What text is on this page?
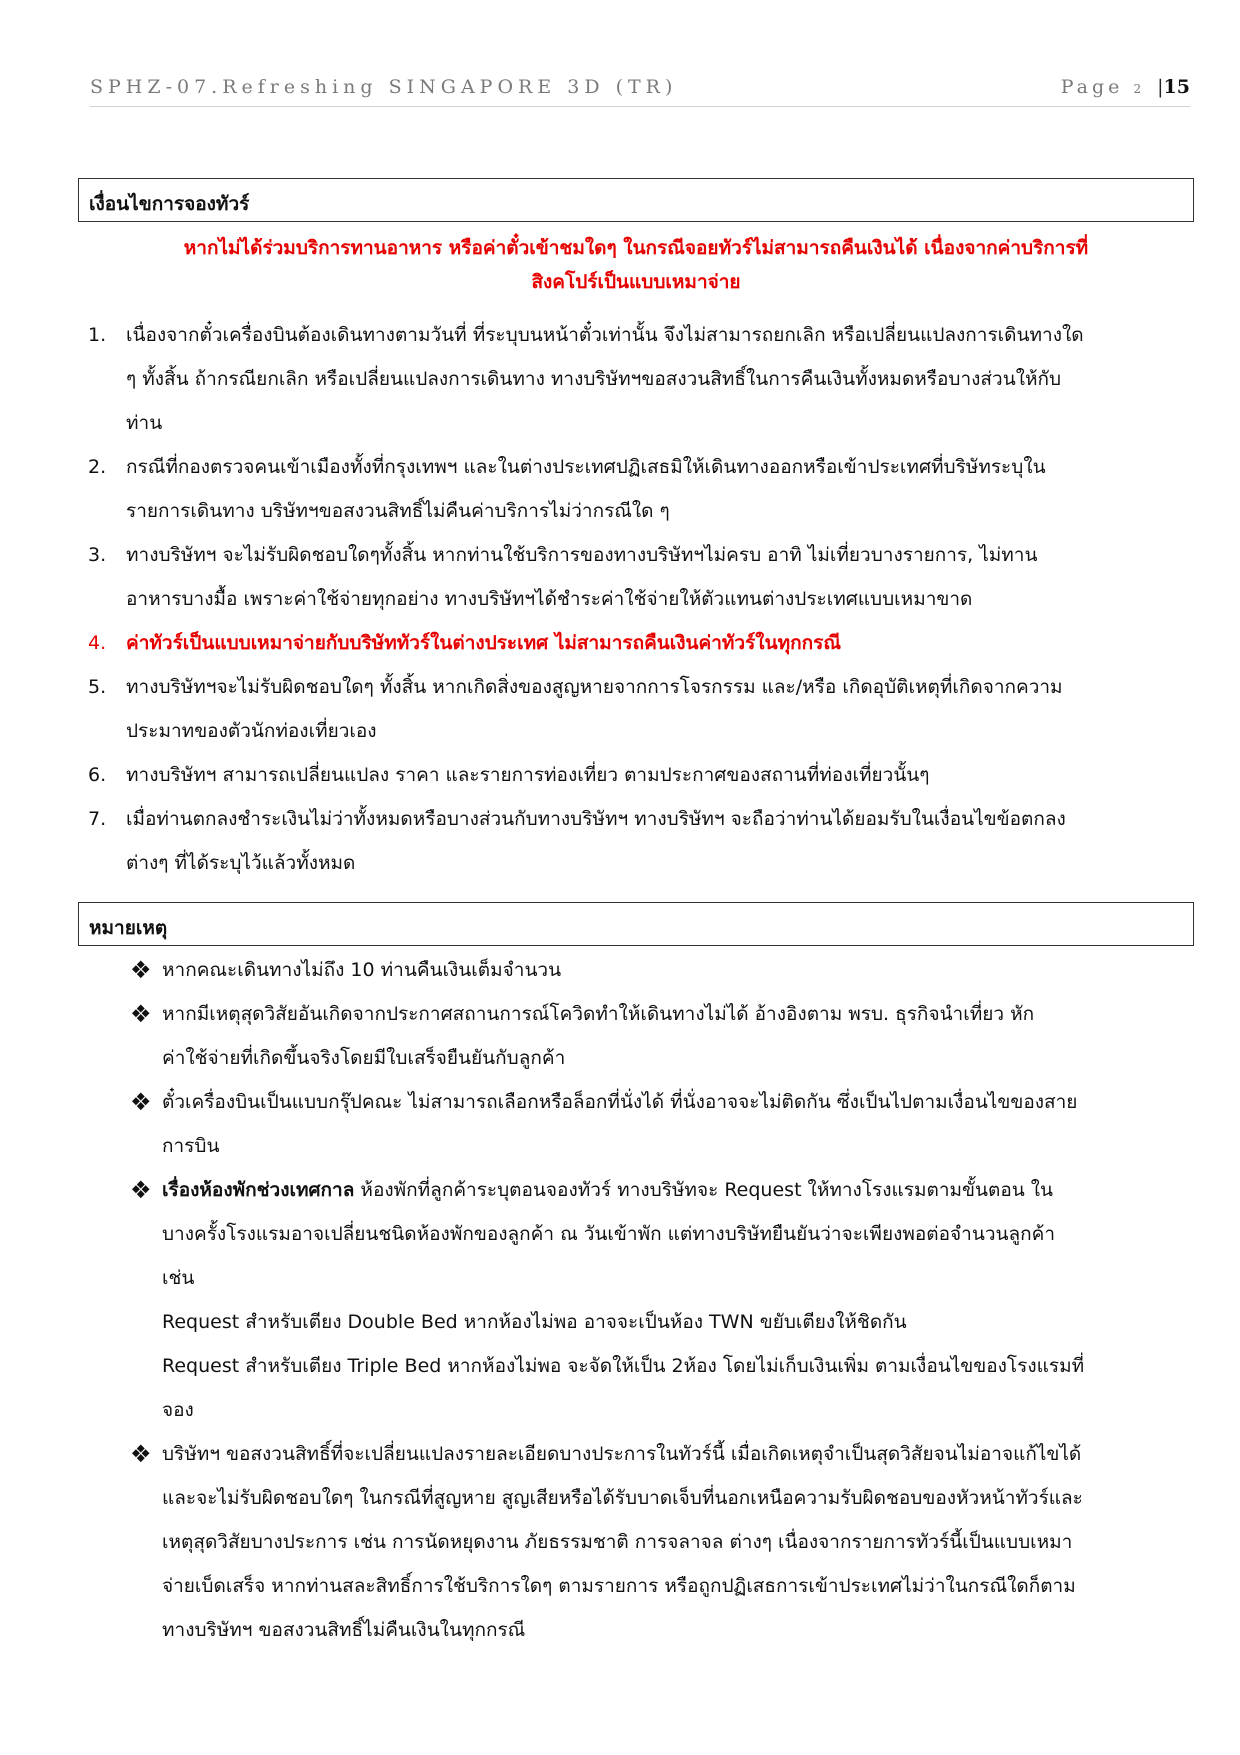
SPHZ-07.Refreshing SINGAPORE 3D (TR)	Page 2 |15
เงื่อนไขการจองทัวร์
หากไม่ได้ร่วมบริการทานอาหาร หรือค่าตั๋วเข้าชมใดๆ ในกรณีจอยทัวร์ไม่สามารถคืนเงินได้ เนื่องจากค่าบริการที่
สิงคโปร์เป็นแบบเหมาจ่าย
1. เนื่องจากตั๋วเครื่องบินต้องเดินทางตามวันที่ ที่ระบุบนหน้าตั๋วเท่านั้น จึงไม่สามารถยกเลิก หรือเปลี่ยนแปลงการเดินทางใด
ๆ ทั้งสิ้น ถ้ากรณียกเลิก หรือเปลี่ยนแปลงการเดินทาง ทางบริษัทฯขอสงวนสิทธิ์ในการคืนเงินทั้งหมดหรือบางส่วนให้กับ
ท่าน
2. กรณีที่กองตรวจคนเข้าเมืองทั้งที่กรุงเทพฯ และในต่างประเทศปฏิเสธมิให้เดินทางออกหรือเข้าประเทศที่บริษัทระบุใน
รายการเดินทาง บริษัทฯขอสงวนสิทธิ์ไม่คืนค่าบริการไม่ว่ากรณีใด ๆ
3. ทางบริษัทฯ จะไม่รับผิดชอบใดๆทั้งสิ้น หากท่านใช้บริการของทางบริษัทฯไม่ครบ อาทิ ไม่เที่ยวบางรายการ, ไม่ทาน
อาหารบางมื้อ เพราะค่าใช้จ่ายทุกอย่าง ทางบริษัทฯได้ชำระค่าใช้จ่ายให้ตัวแทนต่างประเทศแบบเหมาขาด
4. ค่าทัวร์เป็นแบบเหมาจ่ายกับบริษัททัวร์ในต่างประเทศ ไม่สามารถคืนเงินค่าทัวร์ในทุกกรณี
5. ทางบริษัทฯจะไม่รับผิดชอบใดๆ ทั้งสิ้น หากเกิดสิ่งของสูญหายจากการโจรกรรม และ/หรือ เกิดอุบัติเหตุที่เกิดจากความ
ประมาทของตัวนักท่องเที่ยวเอง
6. ทางบริษัทฯ สามารถเปลี่ยนแปลง ราคา และรายการท่องเที่ยว ตามประกาศของสถานที่ท่องเที่ยวนั้นๆ
7. เมื่อท่านตกลงชำระเงินไม่ว่าทั้งหมดหรือบางส่วนกับทางบริษัทฯ ทางบริษัทฯ จะถือว่าท่านได้ยอมรับในเงื่อนไขข้อตกลง
ต่างๆ ที่ได้ระบุไว้แล้วทั้งหมด
หมายเหตุ
❖ หากคณะเดินทางไม่ถึง 10 ท่านคืนเงินเต็มจำนวน
❖ หากมีเหตุสุดวิสัยอันเกิดจากประกาศสถานการณ์โควิดทำให้เดินทางไม่ได้ อ้างอิงตาม พรบ. ธุรกิจนำเที่ยว หัก
ค่าใช้จ่ายที่เกิดขึ้นจริงโดยมีใบเสร็จยืนยันกับลูกค้า
❖ ตั๋วเครื่องบินเป็นแบบกรุ๊ปคณะ ไม่สามารถเลือกหรือล็อกที่นั่งได้ ที่นั่งอาจจะไม่ติดกัน ซึ่งเป็นไปตามเงื่อนไขของสาย
การบิน
❖ เรื่องห้องพักช่วงเทศกาล ห้องพักที่ลูกค้าระบุตอนจองทัวร์ ทางบริษัทจะ Request ให้ทางโรงแรมตามขั้นตอน ใน
บางครั้งโรงแรมอาจเปลี่ยนชนิดห้องพักของลูกค้า ณ วันเข้าพัก แต่ทางบริษัทยืนยันว่าจะเพียงพอต่อจำนวนลูกค้า
เช่น
Request สำหรับเตียง Double Bed หากห้องไม่พอ อาจจะเป็นห้อง TWN ขยับเตียงให้ชิดกัน
Request สำหรับเตียง Triple Bed หากห้องไม่พอ จะจัดให้เป็น 2ห้อง โดยไม่เก็บเงินเพิ่ม ตามเงื่อนไขของโรงแรมที่
จอง
❖ บริษัทฯ ขอสงวนสิทธิ์ที่จะเปลี่ยนแปลงรายละเอียดบางประการในทัวร์นี้ เมื่อเกิดเหตุจำเป็นสุดวิสัยจนไม่อาจแก้ไขได้
และจะไม่รับผิดชอบใดๆ ในกรณีที่สูญหาย สูญเสียหรือได้รับบาดเจ็บที่นอกเหนือความรับผิดชอบของหัวหน้าทัวร์และ
เหตุสุดวิสัยบางประการ เช่น การนัดหยุดงาน ภัยธรรมชาติ การจลาจล ต่างๆ เนื่องจากรายการทัวร์นี้เป็นแบบเหมา
จ่ายเบ็ดเสร็จ หากท่านสละสิทธิ์การใช้บริการใดๆ ตามรายการ หรือถูกปฏิเสธการเข้าประเทศไม่ว่าในกรณีใดก็ตาม
ทางบริษัทฯ ขอสงวนสิทธิ์ไม่คืนเงินในทุกกรณี
